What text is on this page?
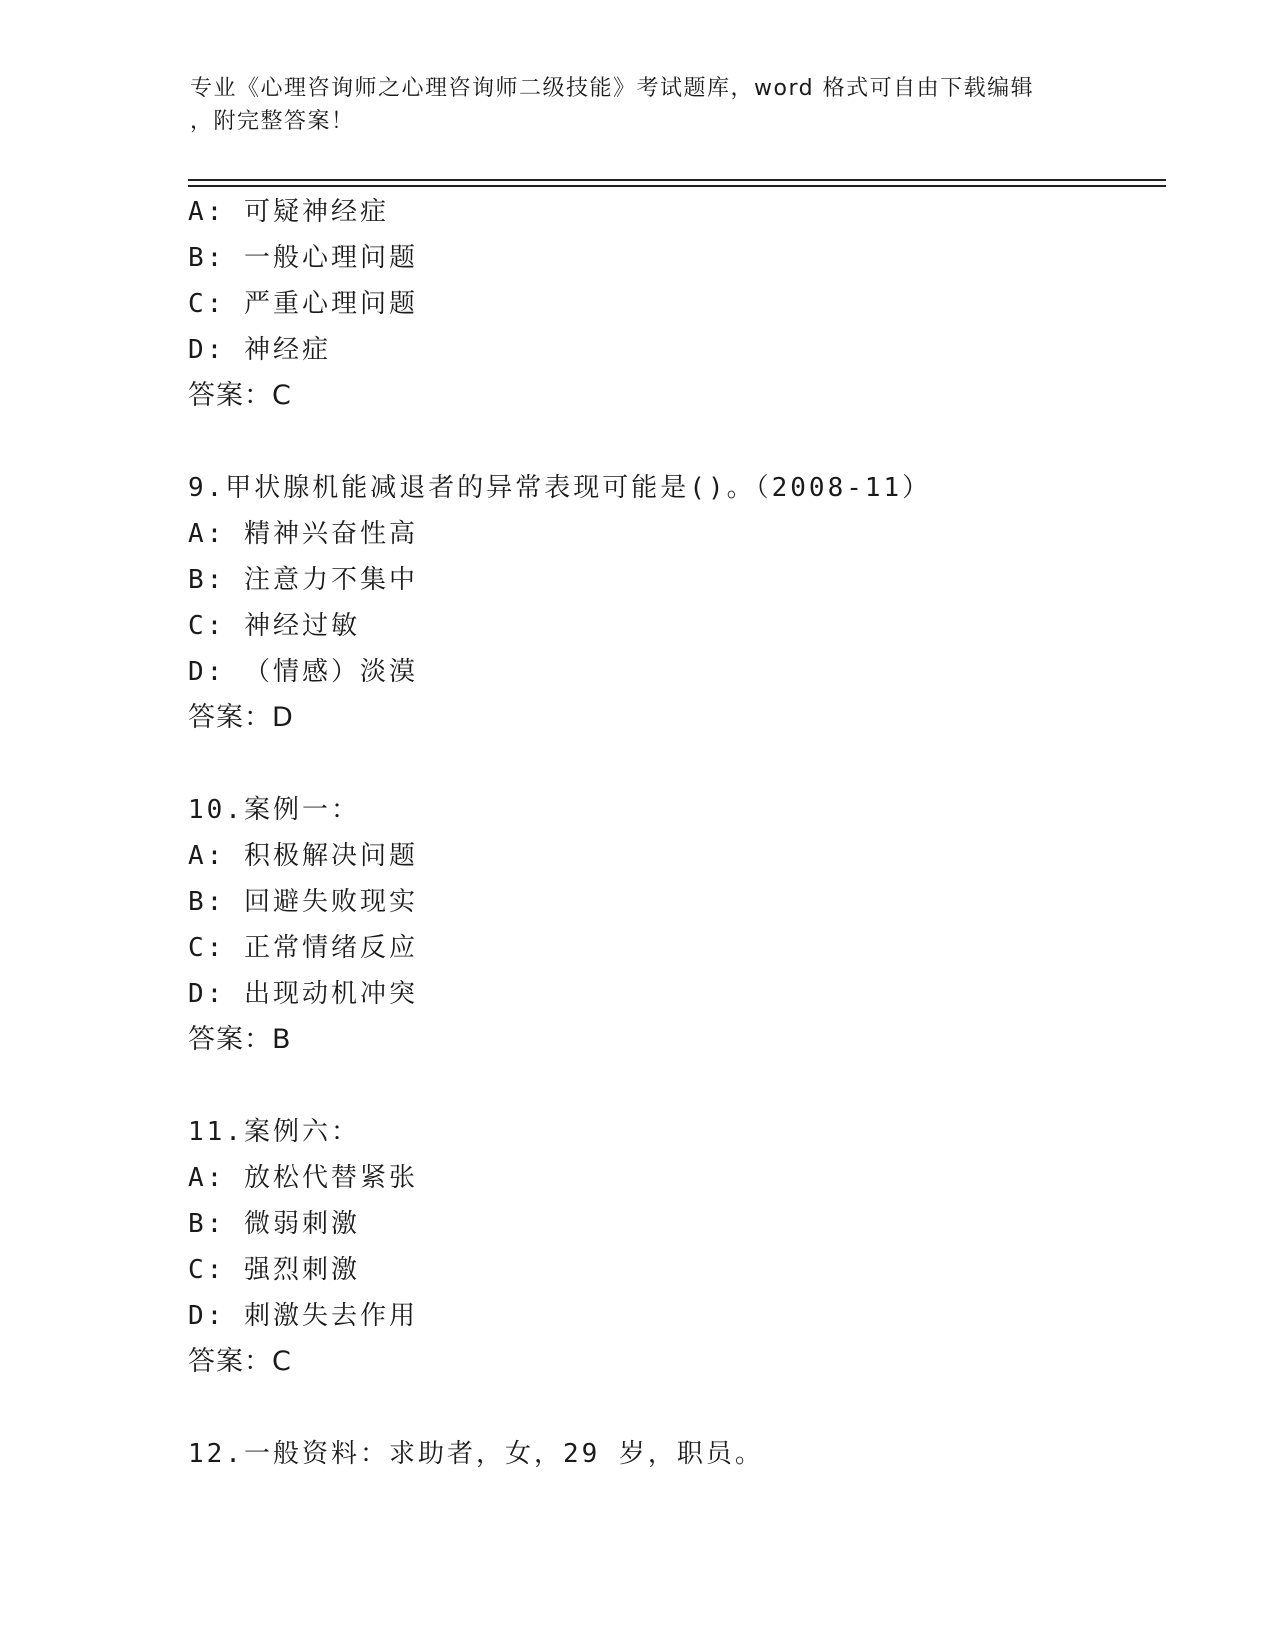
专业《心理咨询师之心理咨询师二级技能》考试题库，word 格式可自由下载编辑
，附完整答案！
A: 可疑神经症
B: 一般心理问题
C: 严重心理问题
D: 神经症
答案：C
9.甲状腺机能减退者的异常表现可能是()。（2008-11）
A: 精神兴奋性高
B: 注意力不集中
C: 神经过敏
D: （情感）淡漠
答案：D
10.案例一：
A: 积极解决问题
B: 回避失败现实
C: 正常情绪反应
D: 出现动机冲突
答案：B
11.案例六：
A: 放松代替紧张
B: 微弱刺激
C: 强烈刺激
D: 刺激失去作用
答案：C
12.一般资料：求助者，女，29 岁，职员。
